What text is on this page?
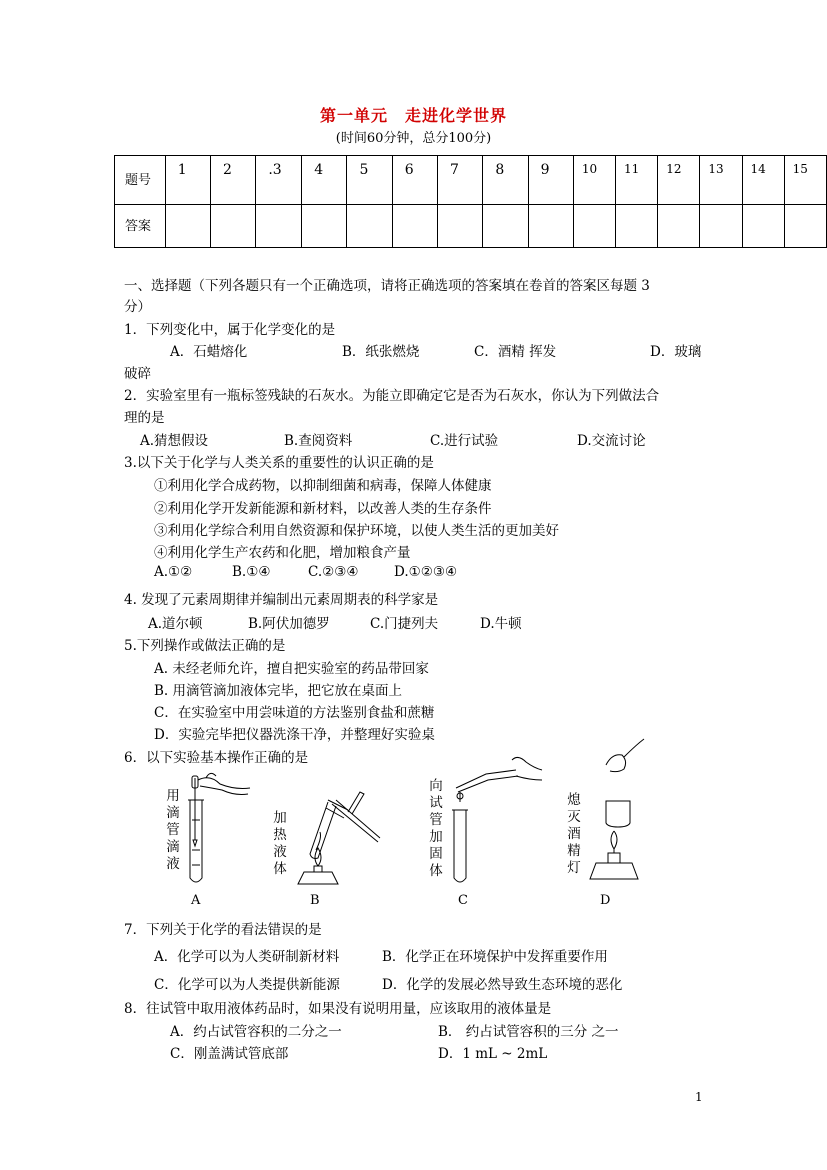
第一单元　走进化学世界
(时间60分钟，总分100分)
题号	1	2	.3	4	5	6	7	8	9	10	11	12	13	14	15
答案															
一、选择题（下列各题只有一个正确选项，请将正确选项的答案填在卷首的答案区每题 3
分）
1．下列变化中，属于化学变化的是
A．石蜡熔化	B．纸张燃烧	C．酒精 挥发	D．玻璃
破碎
2．实验室里有一瓶标签残缺的石灰水。为能立即确定它是否为石灰水，你认为下列做法合
理的是
A.猜想假设	B.查阅资料	C.进行试验	D.交流讨论
3.以下关于化学与人类关系的重要性的认识正确的是
①利用化学合成药物，以抑制细菌和病毒，保障人体健康
②利用化学开发新能源和新材料，以改善人类的生存条件
③利用化学综合利用自然资源和保护环境，以使人类生活的更加美好
④利用化学生产农药和化肥，增加粮食产量
A.①②	B.①④	C.②③④	D.①②③④
4. 发现了元素周期律并编制出元素周期表的科学家是
A.道尔顿	B.阿伏加德罗	C.门捷列夫	D.牛顿
5.下列操作或做法正确的是
A. 未经老师允许，擅自把实验室的药品带回家
B. 用滴管滴加液体完毕，把它放在桌面上
C．在实验室中用尝味道的方法鉴别食盐和蔗糖
D．实验完毕把仪器洗涤干净，并整理好实验桌
6．以下实验基本操作正确的是
用滴管滴液
A
加热液体
B
向试管加固体
C
熄灭酒精灯
D
7．下列关于化学的看法错误的是
A．化学可以为人类研制新材料	B．化学正在环境保护中发挥重要作用
C．化学可以为人类提供新能源	D．化学的发展必然导致生态环境的恶化
8．往试管中取用液体药品时，如果没有说明用量，应该取用的液体量是
A．约占试管容积的二分之一	B． 约占试管容积的三分 之一
C．刚盖满试管底部	D．1 mL ~ 2mL
1
